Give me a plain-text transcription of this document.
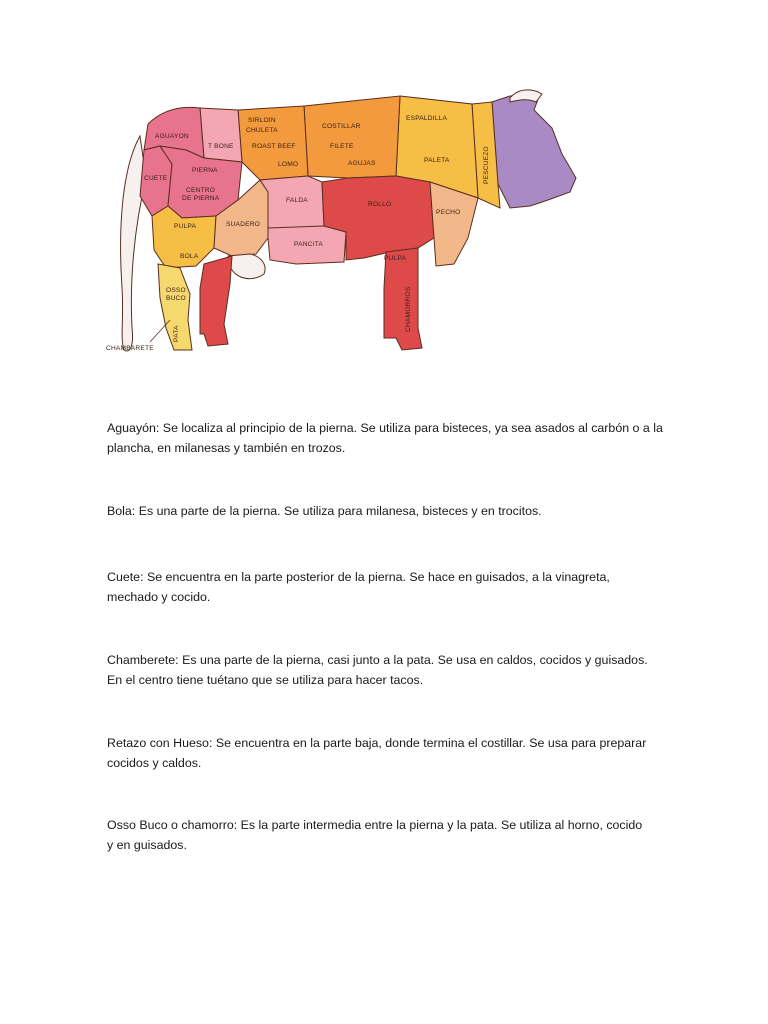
AGUAYON
T BONE
SIRLOIN
CHULETA
ROAST BEEF
LOMO
COSTILLAR
FILETE
AGUJAS
ESPALDILLA
PALETA	PESCUEZO
CUETE
PIERNA
CENTRO
DE PIERNA
PULPA
BOLA
SUADERO
FALDA
PANCITA
ROLLO
PECHO
PULPA
CHAMORROS
OSSO
BUCO
PATA
CHAMBARETE

Aguayón: Se localiza al principio de la pierna. Se utiliza para bisteces, ya sea asados al carbón o a la
plancha, en milanesas y también en trozos.

Bola: Es una parte de la pierna. Se utiliza para milanesa, bisteces y en trocitos.

Cuete: Se encuentra en la parte posterior de la pierna. Se hace en guisados, a la vinagreta,
mechado y cocido.

Chamberete: Es una parte de la pierna, casi junto a la pata. Se usa en caldos, cocidos y guisados.
En el centro tiene tuétano que se utiliza para hacer tacos.

Retazo con Hueso: Se encuentra en la parte baja, donde termina el costillar. Se usa para preparar
cocidos y caldos.

Osso Buco o chamorro: Es la parte intermedia entre la pierna y la pata. Se utiliza al horno, cocido
y en guisados.
